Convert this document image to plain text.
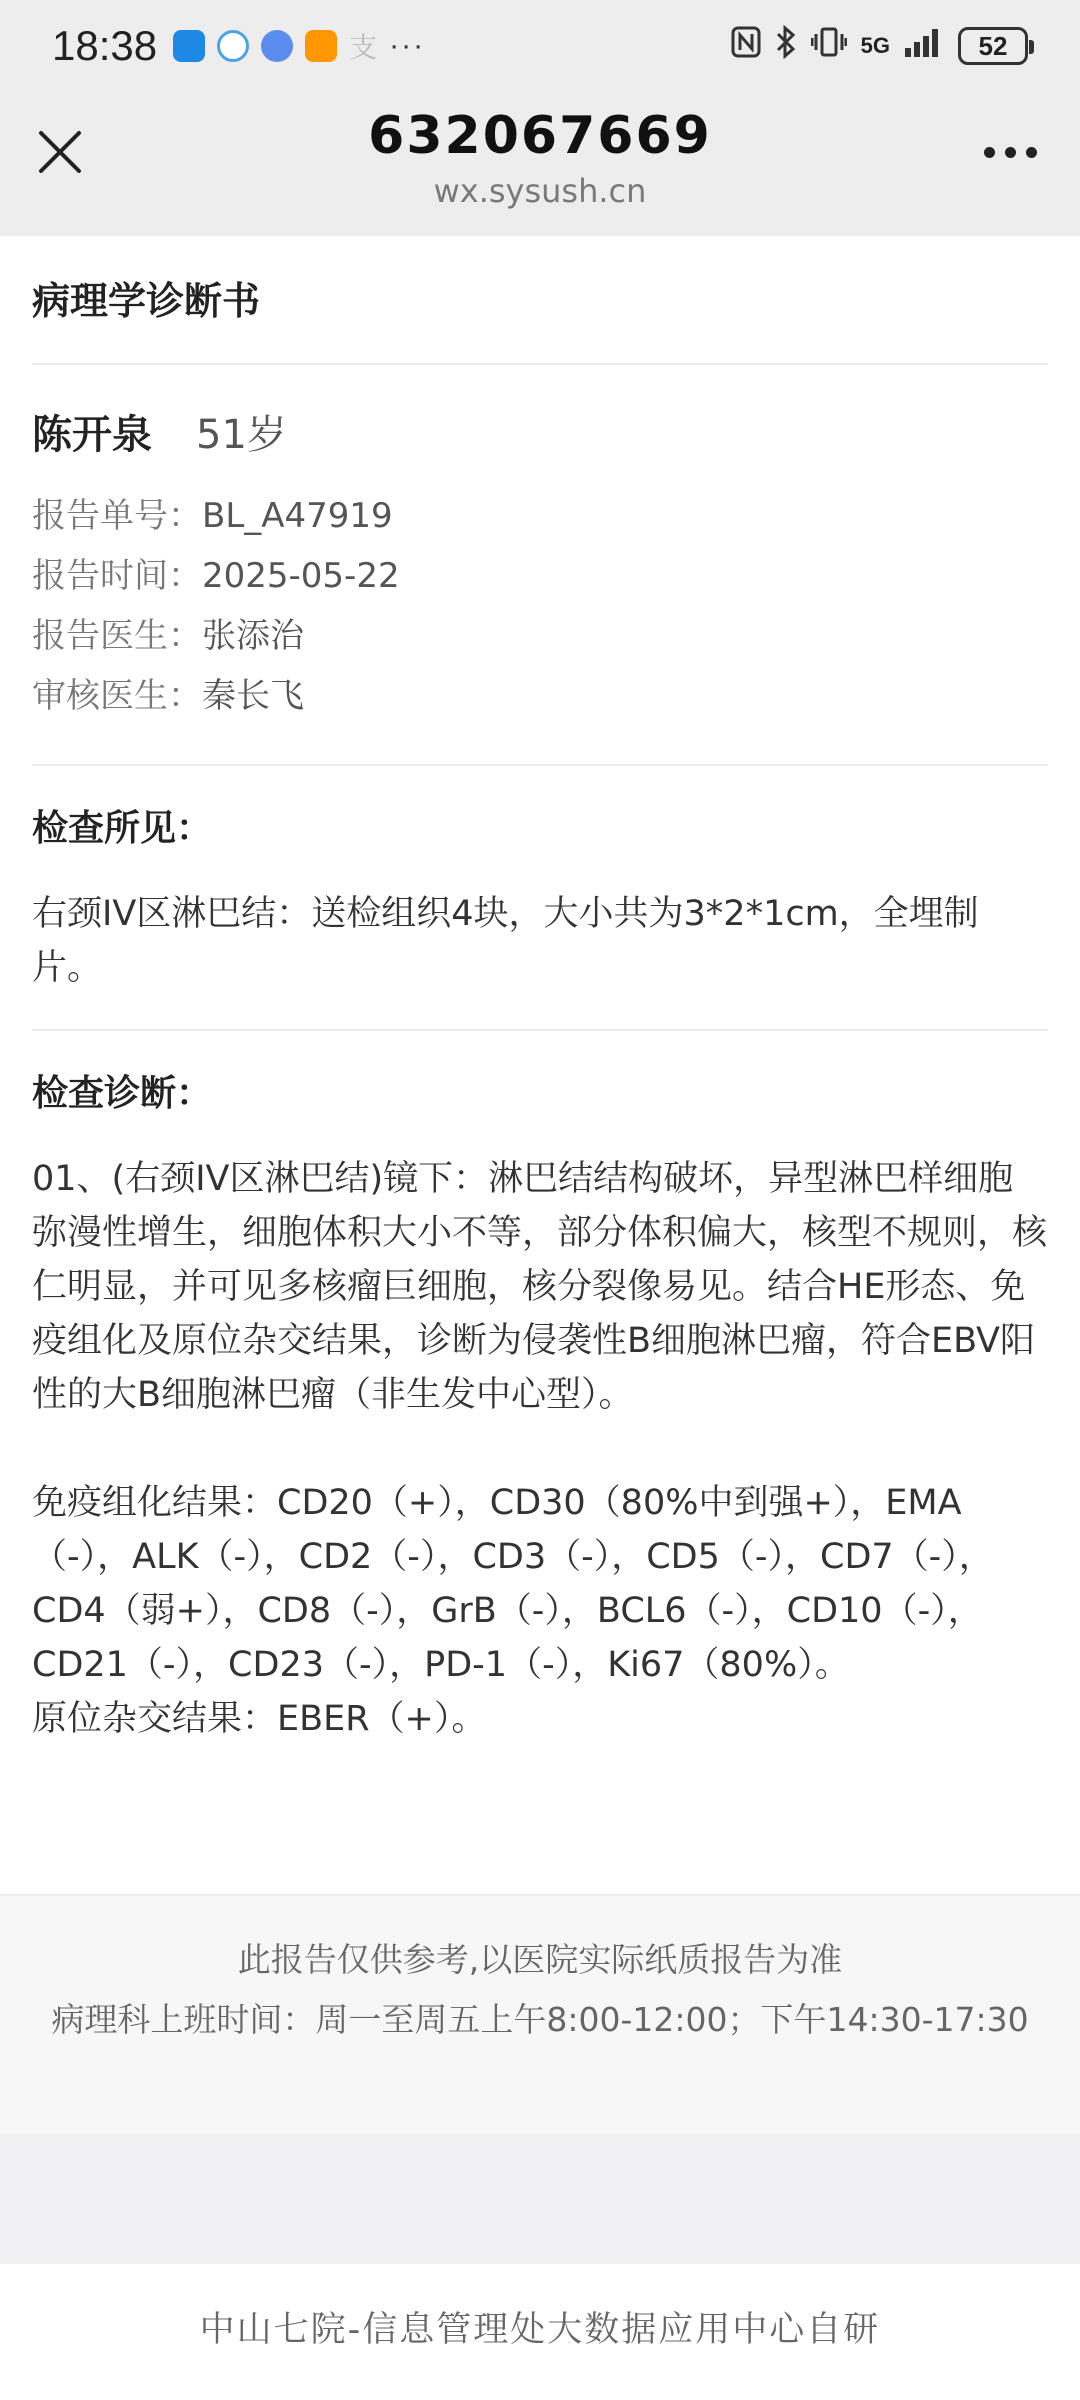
18:38	支 ···	5G	52
632067669
wx.sysush.cn
病理学诊断书
陈开泉 51岁
报告单号：BL_A47919
报告时间：2025-05-22
报告医生：张添治
审核医生：秦长飞
检查所见：
右颈IV区淋巴结：送检组织4块，大小共为3*2*1cm，全埋制片。
检查诊断：
01、(右颈IV区淋巴结)镜下：淋巴结结构破坏，异型淋巴样细胞弥漫性增生，细胞体积大小不等，部分体积偏大，核型不规则，核仁明显，并可见多核瘤巨细胞，核分裂像易见。结合HE形态、免疫组化及原位杂交结果，诊断为侵袭性B细胞淋巴瘤，符合EBV阳性的大B细胞淋巴瘤（非生发中心型）。

免疫组化结果：CD20（+），CD30（80%中到强+），EMA（-），ALK（-），CD2（-），CD3（-），CD5（-），CD7（-），CD4（弱+），CD8（-），GrB（-），BCL6（-），CD10（-），CD21（-），CD23（-），PD-1（-），Ki67（80%）。
原位杂交结果：EBER（+）。
此报告仅供参考,以医院实际纸质报告为准
病理科上班时间：周一至周五上午8:00-12:00；下午14:30-17:30
中山七院-信息管理处大数据应用中心自研
